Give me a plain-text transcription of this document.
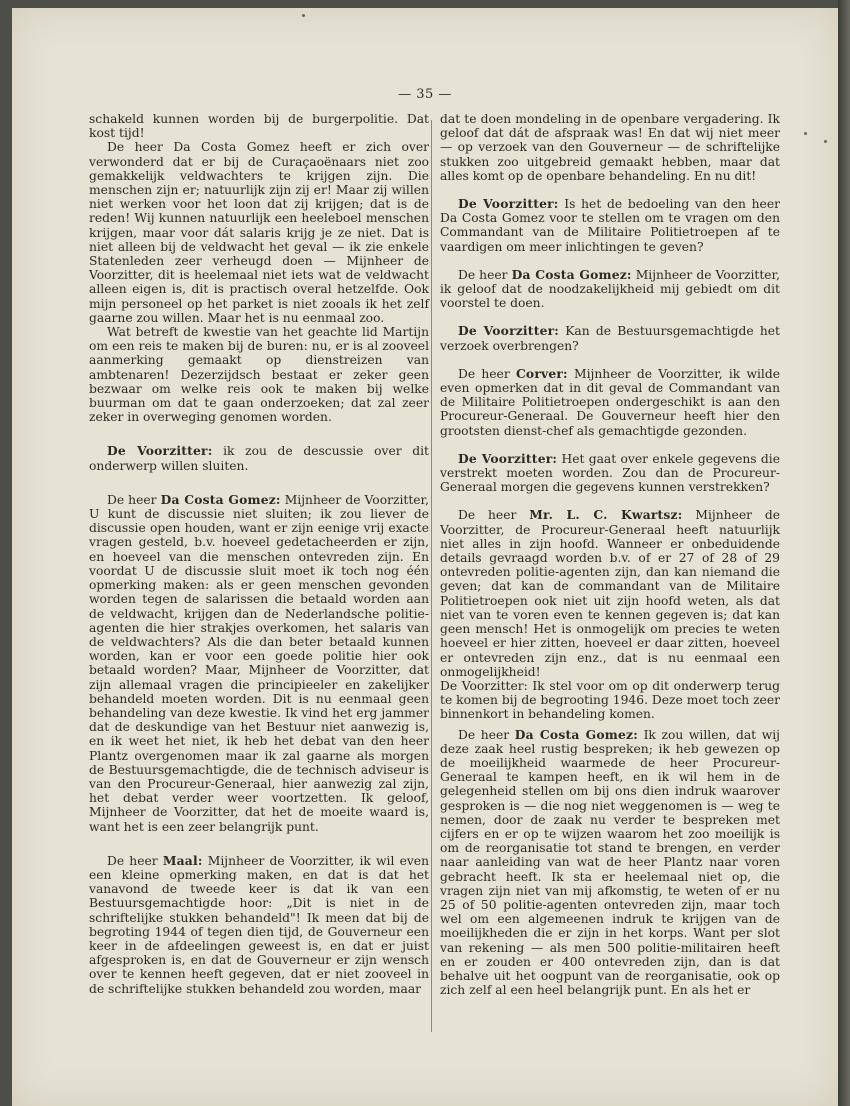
— 35 —

schakeld kunnen worden bij de burgerpolitie. Dat kost tijd!

De heer Da Costa Gomez heeft er zich over verwonderd dat er bij de Curaçaoënaars niet zoo gemakkelijk veldwachters te krijgen zijn. Die menschen zijn er; natuurlijk zijn zij er! Maar zij willen niet werken voor het loon dat zij krijgen; dat is de reden! Wij kunnen natuurlijk een heeleboel menschen krijgen, maar voor dát salaris krijg je ze niet. Dat is niet alleen bij de veldwacht het geval — ik zie enkele Statenleden zeer verheugd doen — Mijnheer de Voorzitter, dit is heelemaal niet iets wat de veldwacht alleen eigen is, dit is practisch overal hetzelfde. Ook mijn personeel op het parket is niet zooals ik het zelf gaarne zou willen. Maar het is nu eenmaal zoo.

Wat betreft de kwestie van het geachte lid Martijn om een reis te maken bij de buren: nu, er is al zooveel aanmerking gemaakt op dienstreizen van ambtenaren! Dezerzijdsch bestaat er zeker geen bezwaar om welke reis ook te maken bij welke buurman om dat te gaan onderzoeken; dat zal zeer zeker in overweging genomen worden.

De Voorzitter: ik zou de descussie over dit onderwerp willen sluiten.

De heer Da Costa Gomez: Mijnheer de Voorzitter, U kunt de discussie niet sluiten; ik zou liever de discussie open houden, want er zijn eenige vrij exacte vragen gesteld, b.v. hoeveel gedetacheerden er zijn, en hoeveel van die menschen ontevreden zijn. En voordat U de discussie sluit moet ik toch nog één opmerking maken: als er geen menschen gevonden worden tegen de salarissen die betaald worden aan de veldwacht, krijgen dan de Nederlandsche politie-agenten die hier strakjes overkomen, het salaris van de veldwachters? Als die dan beter betaald kunnen worden, kan er voor een goede politie hier ook betaald worden? Maar, Mijnheer de Voorzitter, dat zijn allemaal vragen die principieeler en zakelijker behandeld moeten worden. Dit is nu eenmaal geen behandeling van deze kwestie. Ik vind het erg jammer dat de deskundige van het Bestuur niet aanwezig is, en ik weet het niet, ik heb het debat van den heer Plantz overgenomen maar ik zal gaarne als morgen de Bestuursgemachtigde, die de technisch adviseur is van den Procureur-Generaal, hier aanwezig zal zijn, het debat verder weer voortzetten. Ik geloof, Mijnheer de Voorzitter, dat het de moeite waard is, want het is een zeer belangrijk punt.

De heer Maal: Mijnheer de Voorzitter, ik wil even een kleine opmerking maken, en dat is dat het vanavond de tweede keer is dat ik van een Bestuursgemachtigde hoor: „Dit is niet in de schriftelijke stukken behandeld"! Ik meen dat bij de begroting 1944 of tegen dien tijd, de Gouverneur een keer in de afdeelingen geweest is, en dat er juist afgesproken is, en dat de Gouverneur er zijn wensch over te kennen heeft gegeven, dat er niet zooveel in de schriftelijke stukken behandeld zou worden, maar

dat te doen mondeling in de openbare vergadering. Ik geloof dat dát de afspraak was! En dat wij niet meer — op verzoek van den Gouverneur — de schriftelijke stukken zoo uitgebreid gemaakt hebben, maar dat alles komt op de openbare behandeling. En nu dit!

De Voorzitter: Is het de bedoeling van den heer Da Costa Gomez voor te stellen om te vragen om den Commandant van de Militaire Politietroepen af te vaardigen om meer inlichtingen te geven?

De heer Da Costa Gomez: Mijnheer de Voorzitter, ik geloof dat de noodzakelijkheid mij gebiedt om dit voorstel te doen.

De Voorzitter: Kan de Bestuursgemachtigde het verzoek overbrengen?

De heer Corver: Mijnheer de Voorzitter, ik wilde even opmerken dat in dit geval de Commandant van de Militaire Politietroepen ondergeschikt is aan den Procureur-Generaal. De Gouverneur heeft hier den grootsten dienst-chef als gemachtigde gezonden.

De Voorzitter: Het gaat over enkele gegevens die verstrekt moeten worden. Zou dan de Procureur-Generaal morgen die gegevens kunnen verstrekken?

De heer Mr. L. C. Kwartsz: Mijnheer de Voorzitter, de Procureur-Generaal heeft natuurlijk niet alles in zijn hoofd. Wanneer er onbeduidende details gevraagd worden b.v. of er 27 of 28 of 29 ontevreden politie-agenten zijn, dan kan niemand die geven; dat kan de commandant van de Militaire Politietroepen ook niet uit zijn hoofd weten, als dat niet van te voren even te kennen gegeven is; dat kan geen mensch! Het is onmogelijk om precies te weten hoeveel er hier zitten, hoeveel er daar zitten, hoeveel er ontevreden zijn enz., dat is nu eenmaal een onmogelijkheid!

De Voorzitter: Ik stel voor om op dit onderwerp terug te komen bij de begrooting 1946. Deze moet toch zeer binnenkort in behandeling komen.

De heer Da Costa Gomez: Ik zou willen, dat wij deze zaak heel rustig bespreken; ik heb gewezen op de moeilijkheid waarmede de heer Procureur-Generaal te kampen heeft, en ik wil hem in de gelegenheid stellen om bij ons dien indruk waarover gesproken is — die nog niet weggenomen is — weg te nemen, door de zaak nu verder te bespreken met cijfers en er op te wijzen waarom het zoo moeilijk is om de reorganisatie tot stand te brengen, en verder naar aanleiding van wat de heer Plantz naar voren gebracht heeft. Ik sta er heelemaal niet op, die vragen zijn niet van mij afkomstig, te weten of er nu 25 of 50 politie-agenten ontevreden zijn, maar toch wel om een algemeenen indruk te krijgen van de moeilijkheden die er zijn in het korps. Want per slot van rekening — als men 500 politie-militairen heeft en er zouden er 400 ontevreden zijn, dan is dat behalve uit het oogpunt van de reorganisatie, ook op zich zelf al een heel belangrijk punt. En als het er
